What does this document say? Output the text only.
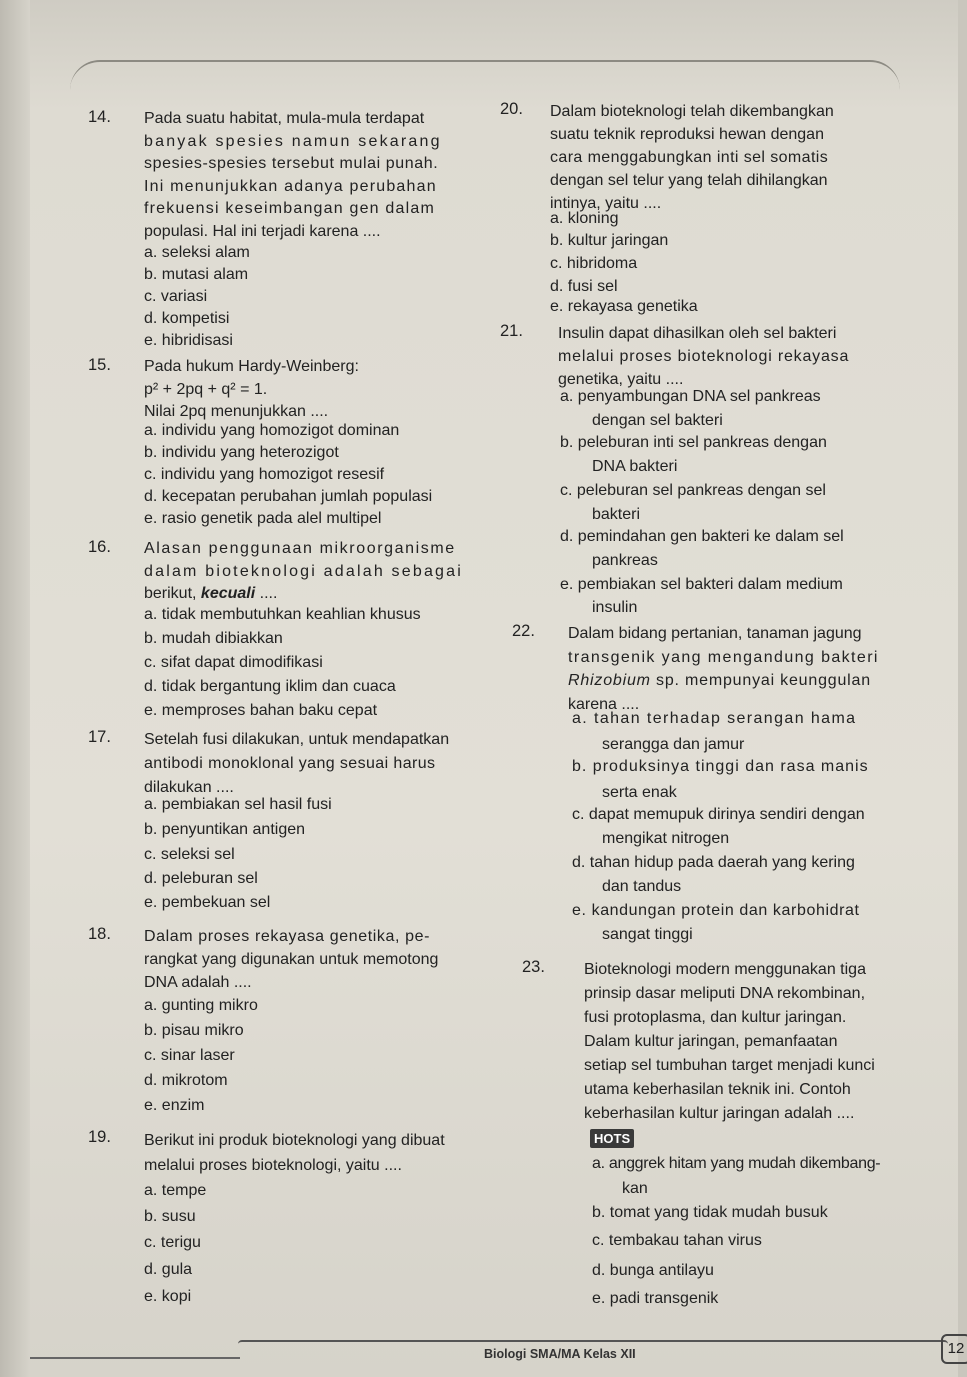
14. Pada suatu habitat, mula-mula terdapat
banyak spesies namun sekarang
spesies-spesies tersebut mulai punah.
Ini menunjukkan adanya perubahan
frekuensi keseimbangan gen dalam
populasi. Hal ini terjadi karena ....
a. seleksi alam
b. mutasi alam
c. variasi
d. kompetisi
e. hibridisasi
15. Pada hukum Hardy-Weinberg:
p² + 2pq + q² = 1.
Nilai 2pq menunjukkan ....
a. individu yang homozigot dominan
b. individu yang heterozigot
c. individu yang homozigot resesif
d. kecepatan perubahan jumlah populasi
e. rasio genetik pada alel multipel
16. Alasan penggunaan mikroorganisme
dalam bioteknologi adalah sebagai
berikut, kecuali ....
a. tidak membutuhkan keahlian khusus
b. mudah dibiakkan
c. sifat dapat dimodifikasi
d. tidak bergantung iklim dan cuaca
e. memproses bahan baku cepat
17. Setelah fusi dilakukan, untuk mendapatkan
antibodi monoklonal yang sesuai harus
dilakukan ....
a. pembiakan sel hasil fusi
b. penyuntikan antigen
c. seleksi sel
d. peleburan sel
e. pembekuan sel
18. Dalam proses rekayasa genetika, pe-
rangkat yang digunakan untuk memotong
DNA adalah ....
a. gunting mikro
b. pisau mikro
c. sinar laser
d. mikrotom
e. enzim
19. Berikut ini produk bioteknologi yang dibuat
melalui proses bioteknologi, yaitu ....
a. tempe
b. susu
c. terigu
d. gula
e. kopi
20. Dalam bioteknologi telah dikembangkan
suatu teknik reproduksi hewan dengan
cara menggabungkan inti sel somatis
dengan sel telur yang telah dihilangkan
intinya, yaitu ....
a. kloning
b. kultur jaringan
c. hibridoma
d. fusi sel
e. rekayasa genetika
21. Insulin dapat dihasilkan oleh sel bakteri
melalui proses bioteknologi rekayasa
genetika, yaitu ....
a. penyambungan DNA sel pankreas
dengan sel bakteri
b. peleburan inti sel pankreas dengan
DNA bakteri
c. peleburan sel pankreas dengan sel
bakteri
d. pemindahan gen bakteri ke dalam sel
pankreas
e. pembiakan sel bakteri dalam medium
insulin
22. Dalam bidang pertanian, tanaman jagung
transgenik yang mengandung bakteri
Rhizobium sp. mempunyai keunggulan
karena ....
a. tahan terhadap serangan hama
serangga dan jamur
b. produksinya tinggi dan rasa manis
serta enak
c. dapat memupuk dirinya sendiri dengan
mengikat nitrogen
d. tahan hidup pada daerah yang kering
dan tandus
e. kandungan protein dan karbohidrat
sangat tinggi
23. Bioteknologi modern menggunakan tiga
prinsip dasar meliputi DNA rekombinan,
fusi protoplasma, dan kultur jaringan.
Dalam kultur jaringan, pemanfaatan
setiap sel tumbuhan target menjadi kunci
utama keberhasilan teknik ini. Contoh
keberhasilan kultur jaringan adalah ....
HOTS
a. anggrek hitam yang mudah dikembang-
kan
b. tomat yang tidak mudah busuk
c. tembakau tahan virus
d. bunga antilayu
e. padi transgenik
Biologi SMA/MA Kelas XII	12
